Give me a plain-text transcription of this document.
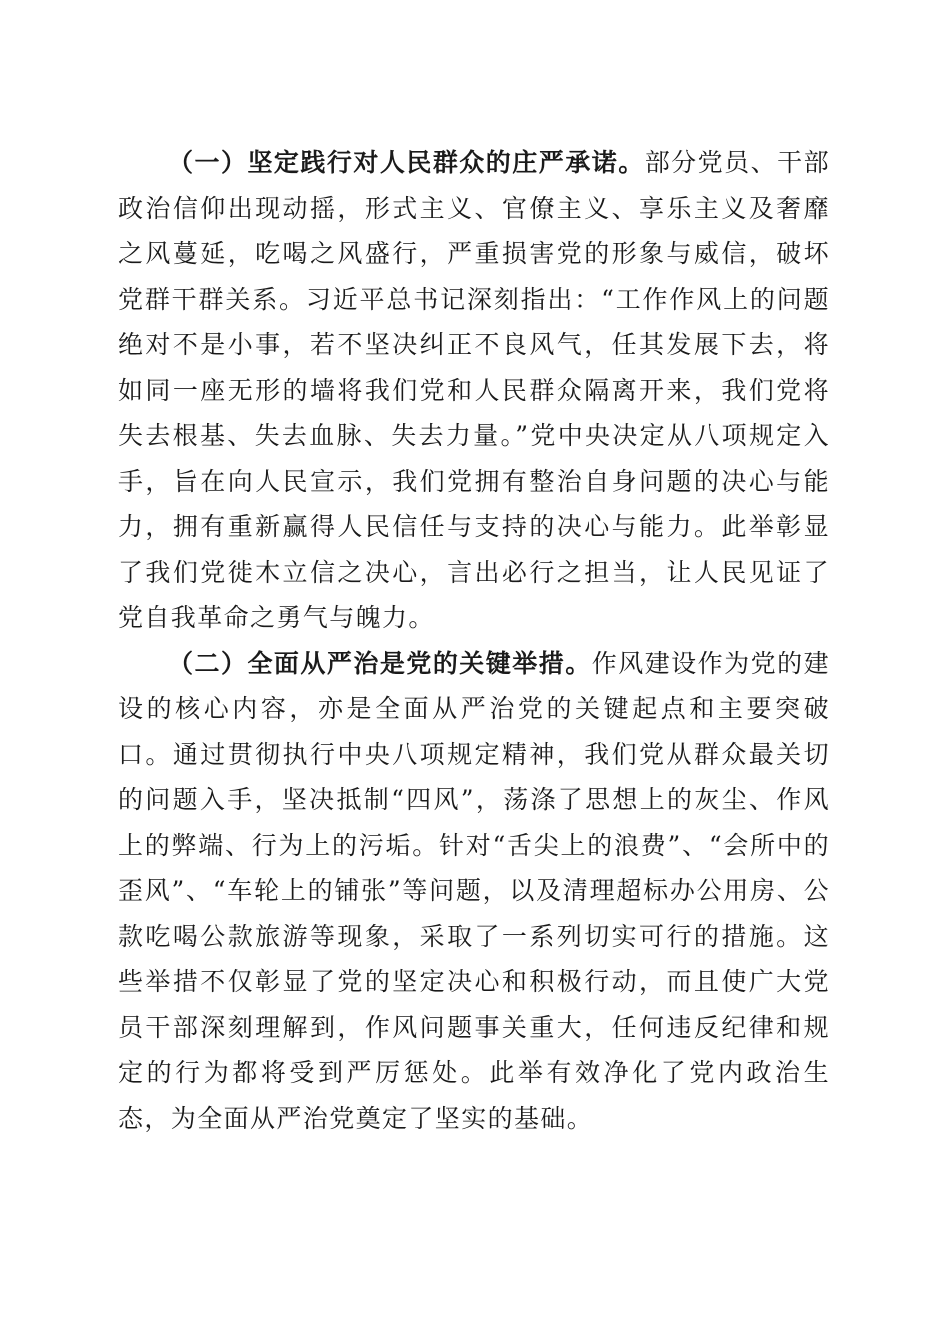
（一）坚定践行对人民群众的庄严承诺。部分党员、干部政治信仰出现动摇，形式主义、官僚主义、享乐主义及奢靡之风蔓延，吃喝之风盛行，严重损害党的形象与威信，破坏党群干群关系。习近平总书记深刻指出：“工作作风上的问题绝对不是小事，若不坚决纠正不良风气，任其发展下去，将如同一座无形的墙将我们党和人民群众隔离开来，我们党将失去根基、失去血脉、失去力量。”党中央决定从八项规定入手，旨在向人民宣示，我们党拥有整治自身问题的决心与能力，拥有重新赢得人民信任与支持的决心与能力。此举彰显了我们党徙木立信之决心，言出必行之担当，让人民见证了党自我革命之勇气与魄力。

（二）全面从严治是党的关键举措。作风建设作为党的建设的核心内容，亦是全面从严治党的关键起点和主要突破口。通过贯彻执行中央八项规定精神，我们党从群众最关切的问题入手，坚决抵制“四风”，荡涤了思想上的灰尘、作风上的弊端、行为上的污垢。针对“舌尖上的浪费”、“会所中的歪风”、“车轮上的铺张”等问题，以及清理超标办公用房、公款吃喝公款旅游等现象，采取了一系列切实可行的措施。这些举措不仅彰显了党的坚定决心和积极行动，而且使广大党员干部深刻理解到，作风问题事关重大，任何违反纪律和规定的行为都将受到严厉惩处。此举有效净化了党内政治生态，为全面从严治党奠定了坚实的基础。
